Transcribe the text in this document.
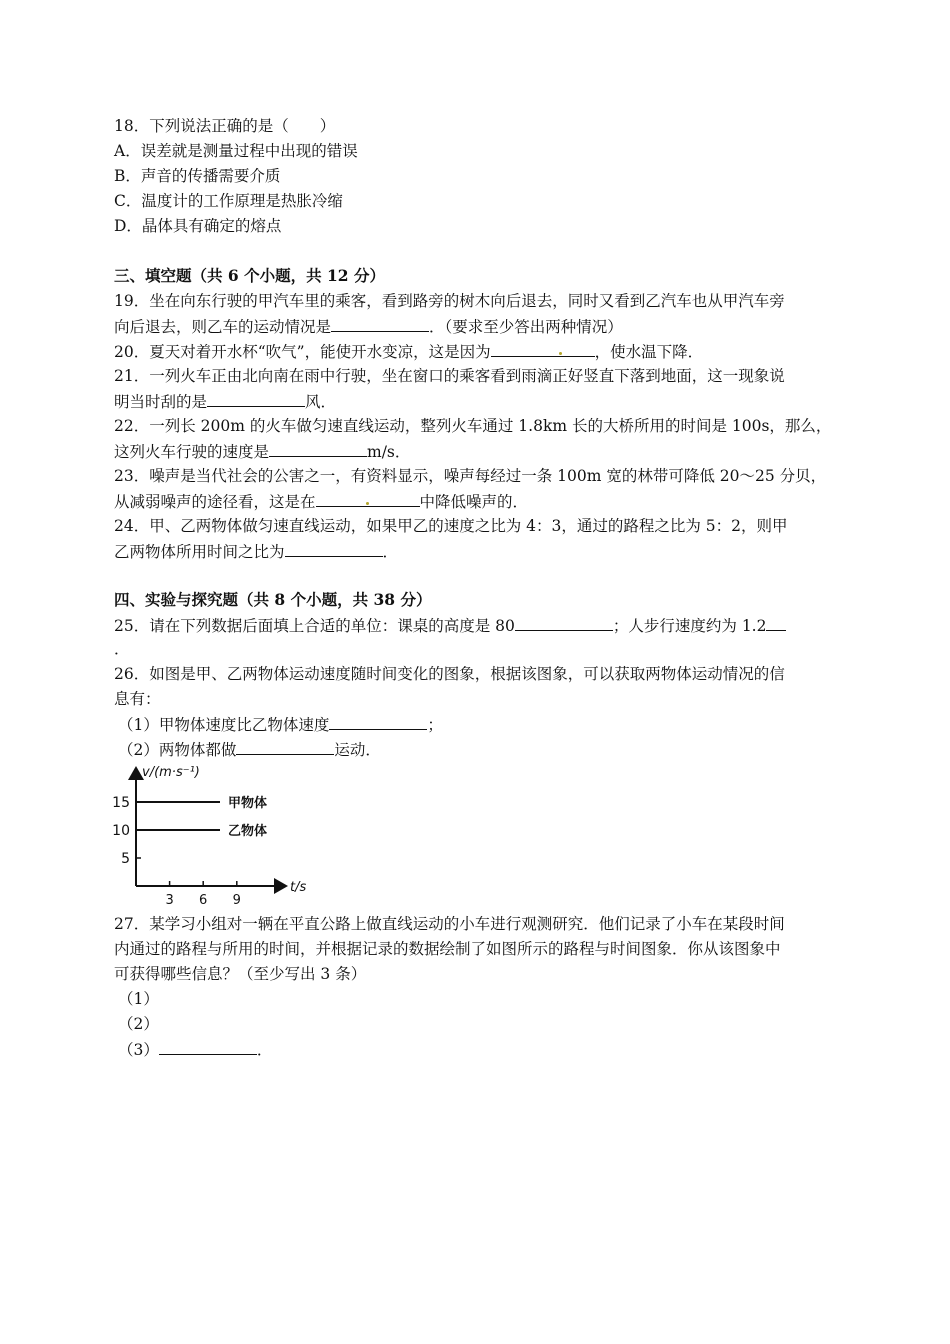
18．下列说法正确的是（　　）
A．误差就是测量过程中出现的错误
B．声音的传播需要介质
C．温度计的工作原理是热胀冷缩
D．晶体具有确定的熔点
三、填空题（共 6 个小题，共 12 分）
19．坐在向东行驶的甲汽车里的乘客，看到路旁的树木向后退去，同时又看到乙汽车也从甲汽车旁
向后退去，则乙车的运动情况是	．（要求至少答出两种情况）
20．夏天对着开水杯“吹气”，能使开水变凉，这是因为	，使水温下降．
21．一列火车正由北向南在雨中行驶，坐在窗口的乘客看到雨滴正好竖直下落到地面，这一现象说
明当时刮的是	风．
22．一列长 200m 的火车做匀速直线运动，整列火车通过 1.8km 长的大桥所用的时间是 100s，那么，
这列火车行驶的速度是	m/s．
23．噪声是当代社会的公害之一，有资料显示，噪声每经过一条 100m 宽的林带可降低 20～25 分贝，
从减弱噪声的途径看，这是在	中降低噪声的．
24．甲、乙两物体做匀速直线运动，如果甲乙的速度之比为 4：3，通过的路程之比为 5：2，则甲
乙两物体所用时间之比为	．
四、实验与探究题（共 8 个小题，共 38 分）
25．请在下列数据后面填上合适的单位：课桌的高度是 80	；人步行速度约为 1.2
．
26．如图是甲、乙两物体运动速度随时间变化的图象，根据该图象，可以获取两物体运动情况的信
息有：
（1）甲物体速度比乙物体速度	；
（2）两物体都做	运动．
v/(m·s⁻¹)
t/s
3 6 9
5
10
15	甲物体
乙物体
27．某学习小组对一辆在平直公路上做直线运动的小车进行观测研究．他们记录了小车在某段时间
内通过的路程与所用的时间，并根据记录的数据绘制了如图所示的路程与时间图象．你从该图象中
可获得哪些信息？（至少写出 3 条）
（1）
（2）
（3）	．
